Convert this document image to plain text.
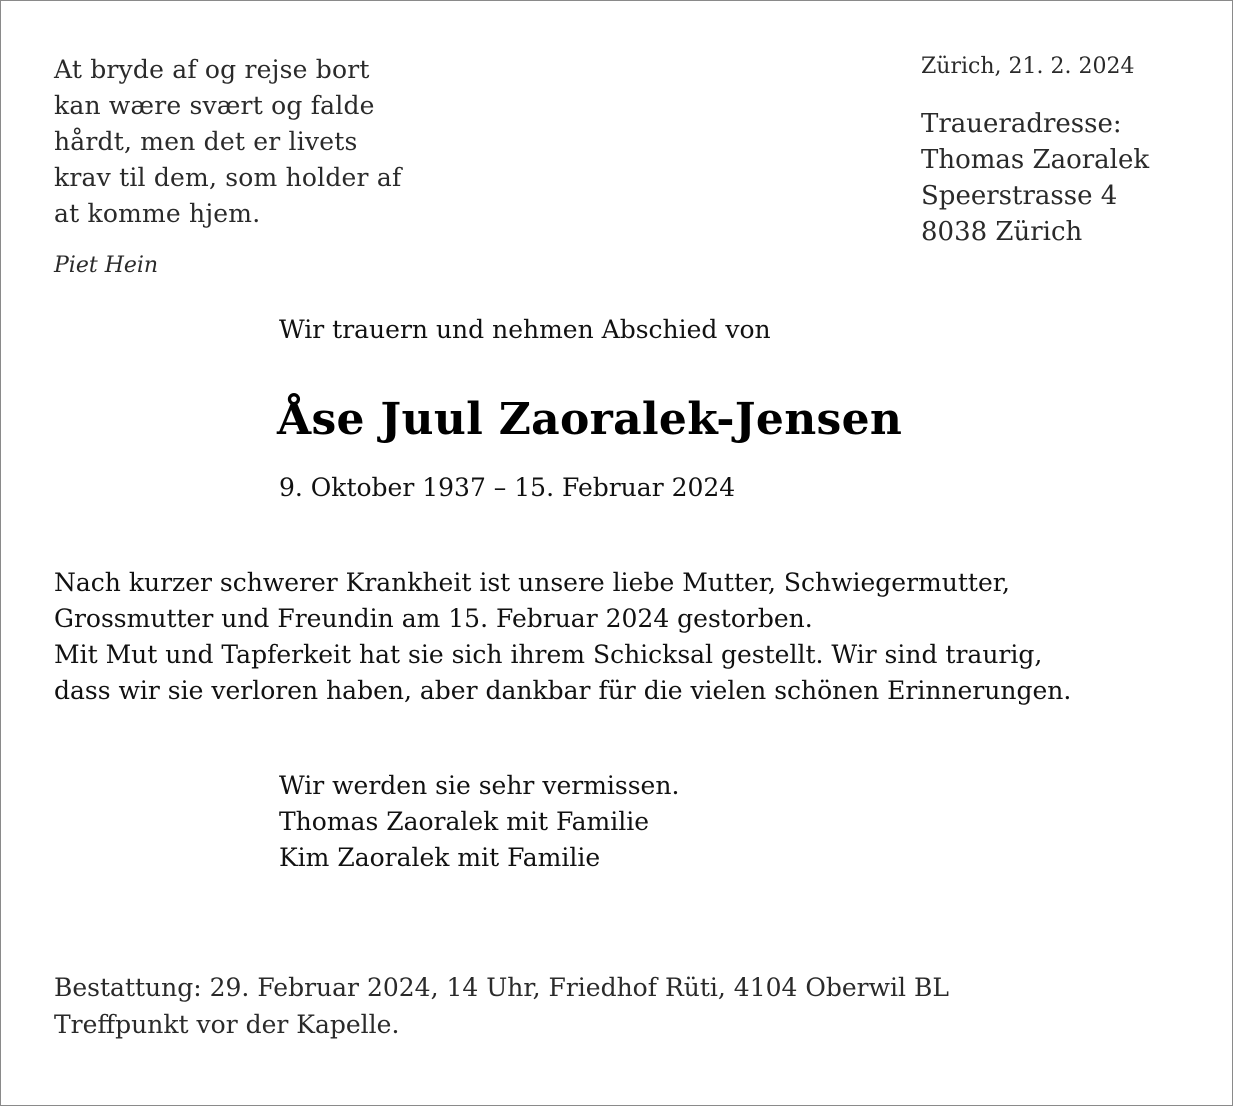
At bryde af og rejse bort
kan wære svært og falde
hårdt, men det er livets
krav til dem, som holder af
at komme hjem.
Piet Hein
Zürich, 21. 2. 2024
Traueradresse:
Thomas Zaoralek
Speerstrasse 4
8038 Zürich
Wir trauern und nehmen Abschied von
Åse Juul Zaoralek-Jensen
9. Oktober 1937 – 15. Februar 2024
Nach kurzer schwerer Krankheit ist unsere liebe Mutter, Schwiegermutter,
Grossmutter und Freundin am 15. Februar 2024 gestorben.
Mit Mut und Tapferkeit hat sie sich ihrem Schicksal gestellt. Wir sind traurig,
dass wir sie verloren haben, aber dankbar für die vielen schönen Erinnerungen.
Wir werden sie sehr vermissen.
Thomas Zaoralek mit Familie
Kim Zaoralek mit Familie
Bestattung: 29. Februar 2024, 14 Uhr, Friedhof Rüti, 4104 Oberwil BL
Treffpunkt vor der Kapelle.
